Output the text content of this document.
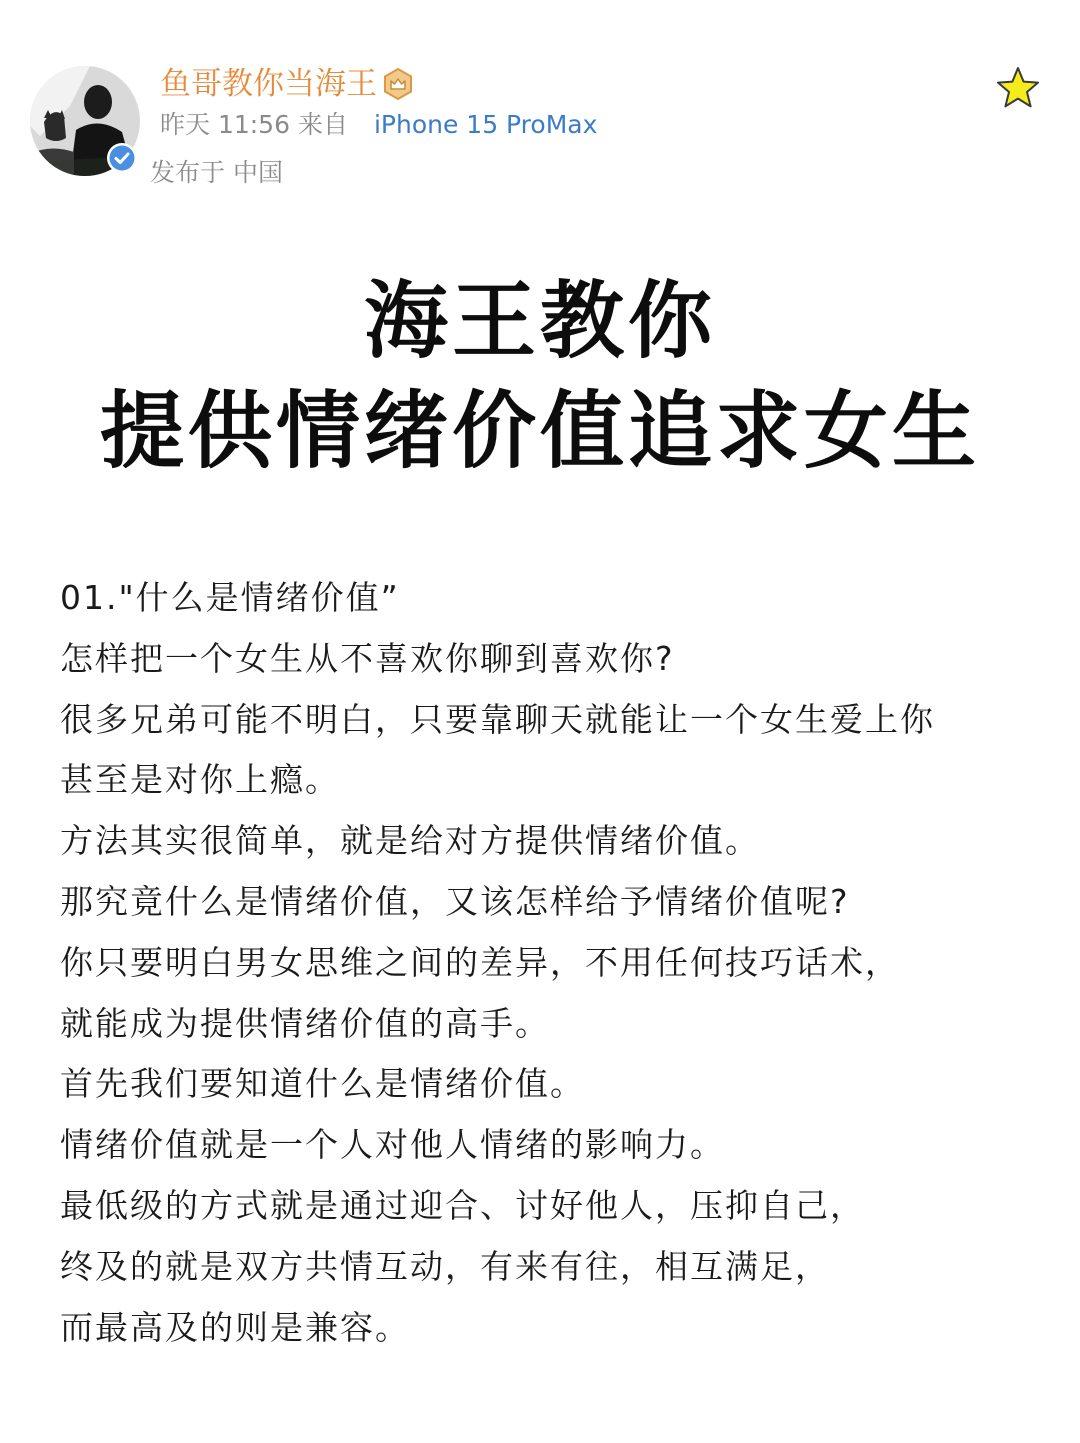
鱼哥教你当海王
昨天 11:56 来自 iPhone 15 ProMax
发布于 中国
海王教你
提供情绪价值追求女生
01."什么是情绪价值”
怎样把一个女生从不喜欢你聊到喜欢你?
很多兄弟可能不明白，只要靠聊天就能让一个女生爱上你
甚至是对你上瘾。
方法其实很简单，就是给对方提供情绪价值。
那究竟什么是情绪价值，又该怎样给予情绪价值呢?
你只要明白男女思维之间的差异，不用任何技巧话术，
就能成为提供情绪价值的高手。
首先我们要知道什么是情绪价值。
情绪价值就是一个人对他人情绪的影响力。
最低级的方式就是通过迎合、讨好他人，压抑自己，
终及的就是双方共情互动，有来有往，相互满足，
而最高及的则是兼容。
